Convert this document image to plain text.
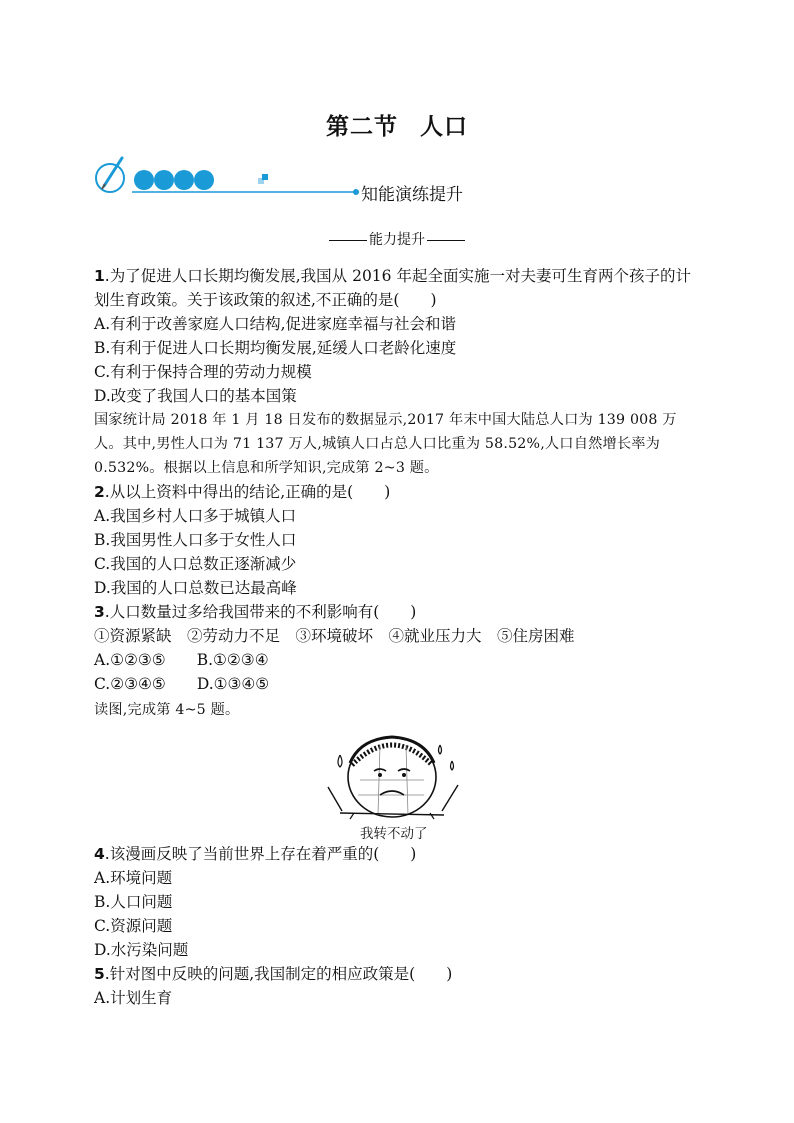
第二节 人口
知能演练提升
能力提升
1.为了促进人口长期均衡发展,我国从 2016 年起全面实施一对夫妻可生育两个孩子的计
划生育政策。关于该政策的叙述,不正确的是(　　)
A.有利于改善家庭人口结构,促进家庭幸福与社会和谐
B.有利于促进人口长期均衡发展,延缓人口老龄化速度
C.有利于保持合理的劳动力规模
D.改变了我国人口的基本国策
国家统计局 2018 年 1 月 18 日发布的数据显示,2017 年末中国大陆总人口为 139 008 万
人。其中,男性人口为 71 137 万人,城镇人口占总人口比重为 58.52%,人口自然增长率为
0.532%。根据以上信息和所学知识,完成第 2~3 题。
2.从以上资料中得出的结论,正确的是(　　)
A.我国乡村人口多于城镇人口
B.我国男性人口多于女性人口
C.我国的人口总数正逐渐减少
D.我国的人口总数已达最高峰
3.人口数量过多给我国带来的不利影响有(　　)
①资源紧缺　②劳动力不足　③环境破坏　④就业压力大　⑤住房困难
A.①②③⑤　　B.①②③④
C.②③④⑤　　D.①③④⑤
读图,完成第 4~5 题。
我转不动了
4.该漫画反映了当前世界上存在着严重的(　　)
A.环境问题
B.人口问题
C.资源问题
D.水污染问题
5.针对图中反映的问题,我国制定的相应政策是(　　)
A.计划生育
